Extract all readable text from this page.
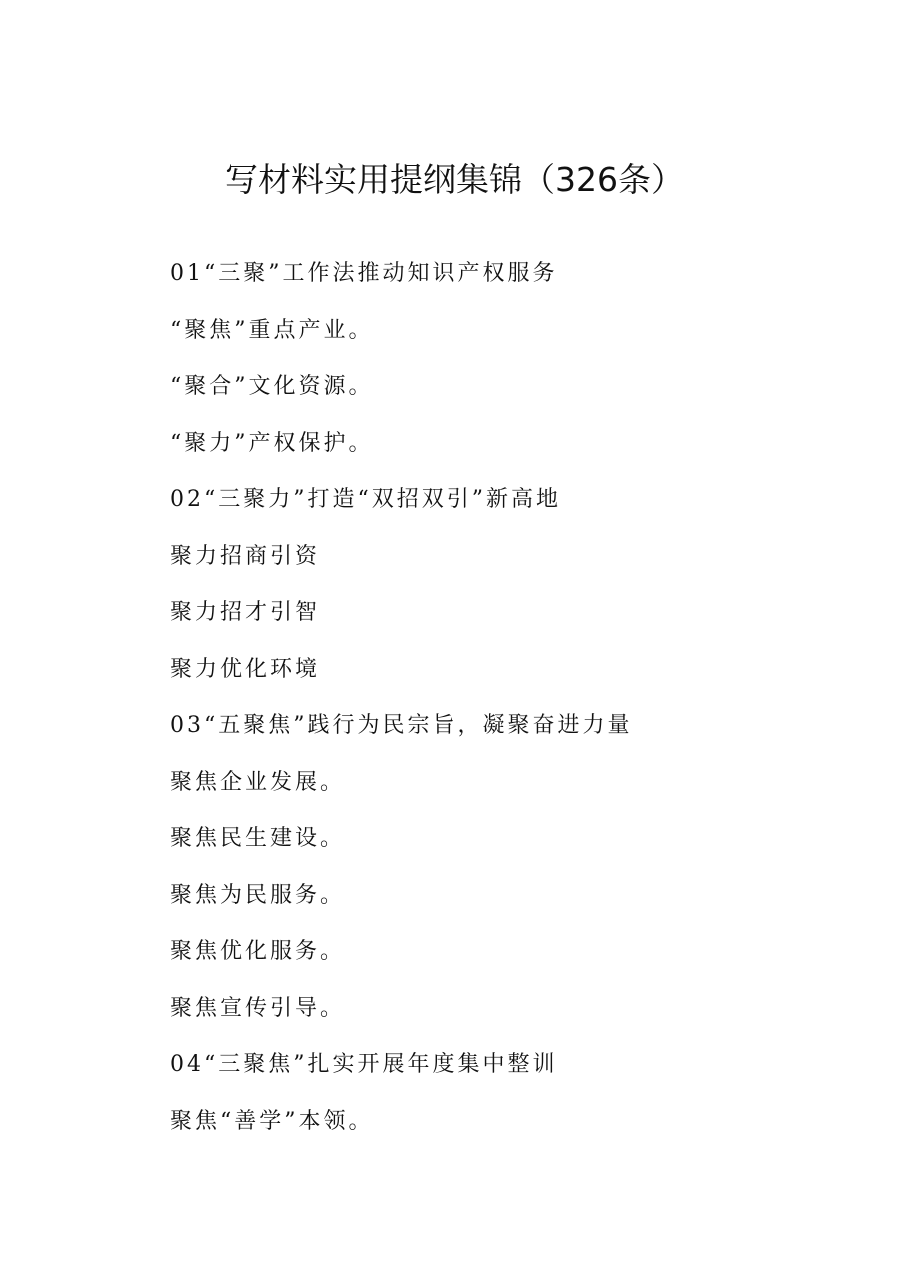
写材料实用提纲集锦（326条）
01“三聚”工作法推动知识产权服务
“聚焦”重点产业。
“聚合”文化资源。
“聚力”产权保护。
02“三聚力”打造“双招双引”新高地
聚力招商引资
聚力招才引智
聚力优化环境
03“五聚焦”践行为民宗旨，凝聚奋进力量
聚焦企业发展。
聚焦民生建设。
聚焦为民服务。
聚焦优化服务。
聚焦宣传引导。
04“三聚焦”扎实开展年度集中整训
聚焦“善学”本领。
